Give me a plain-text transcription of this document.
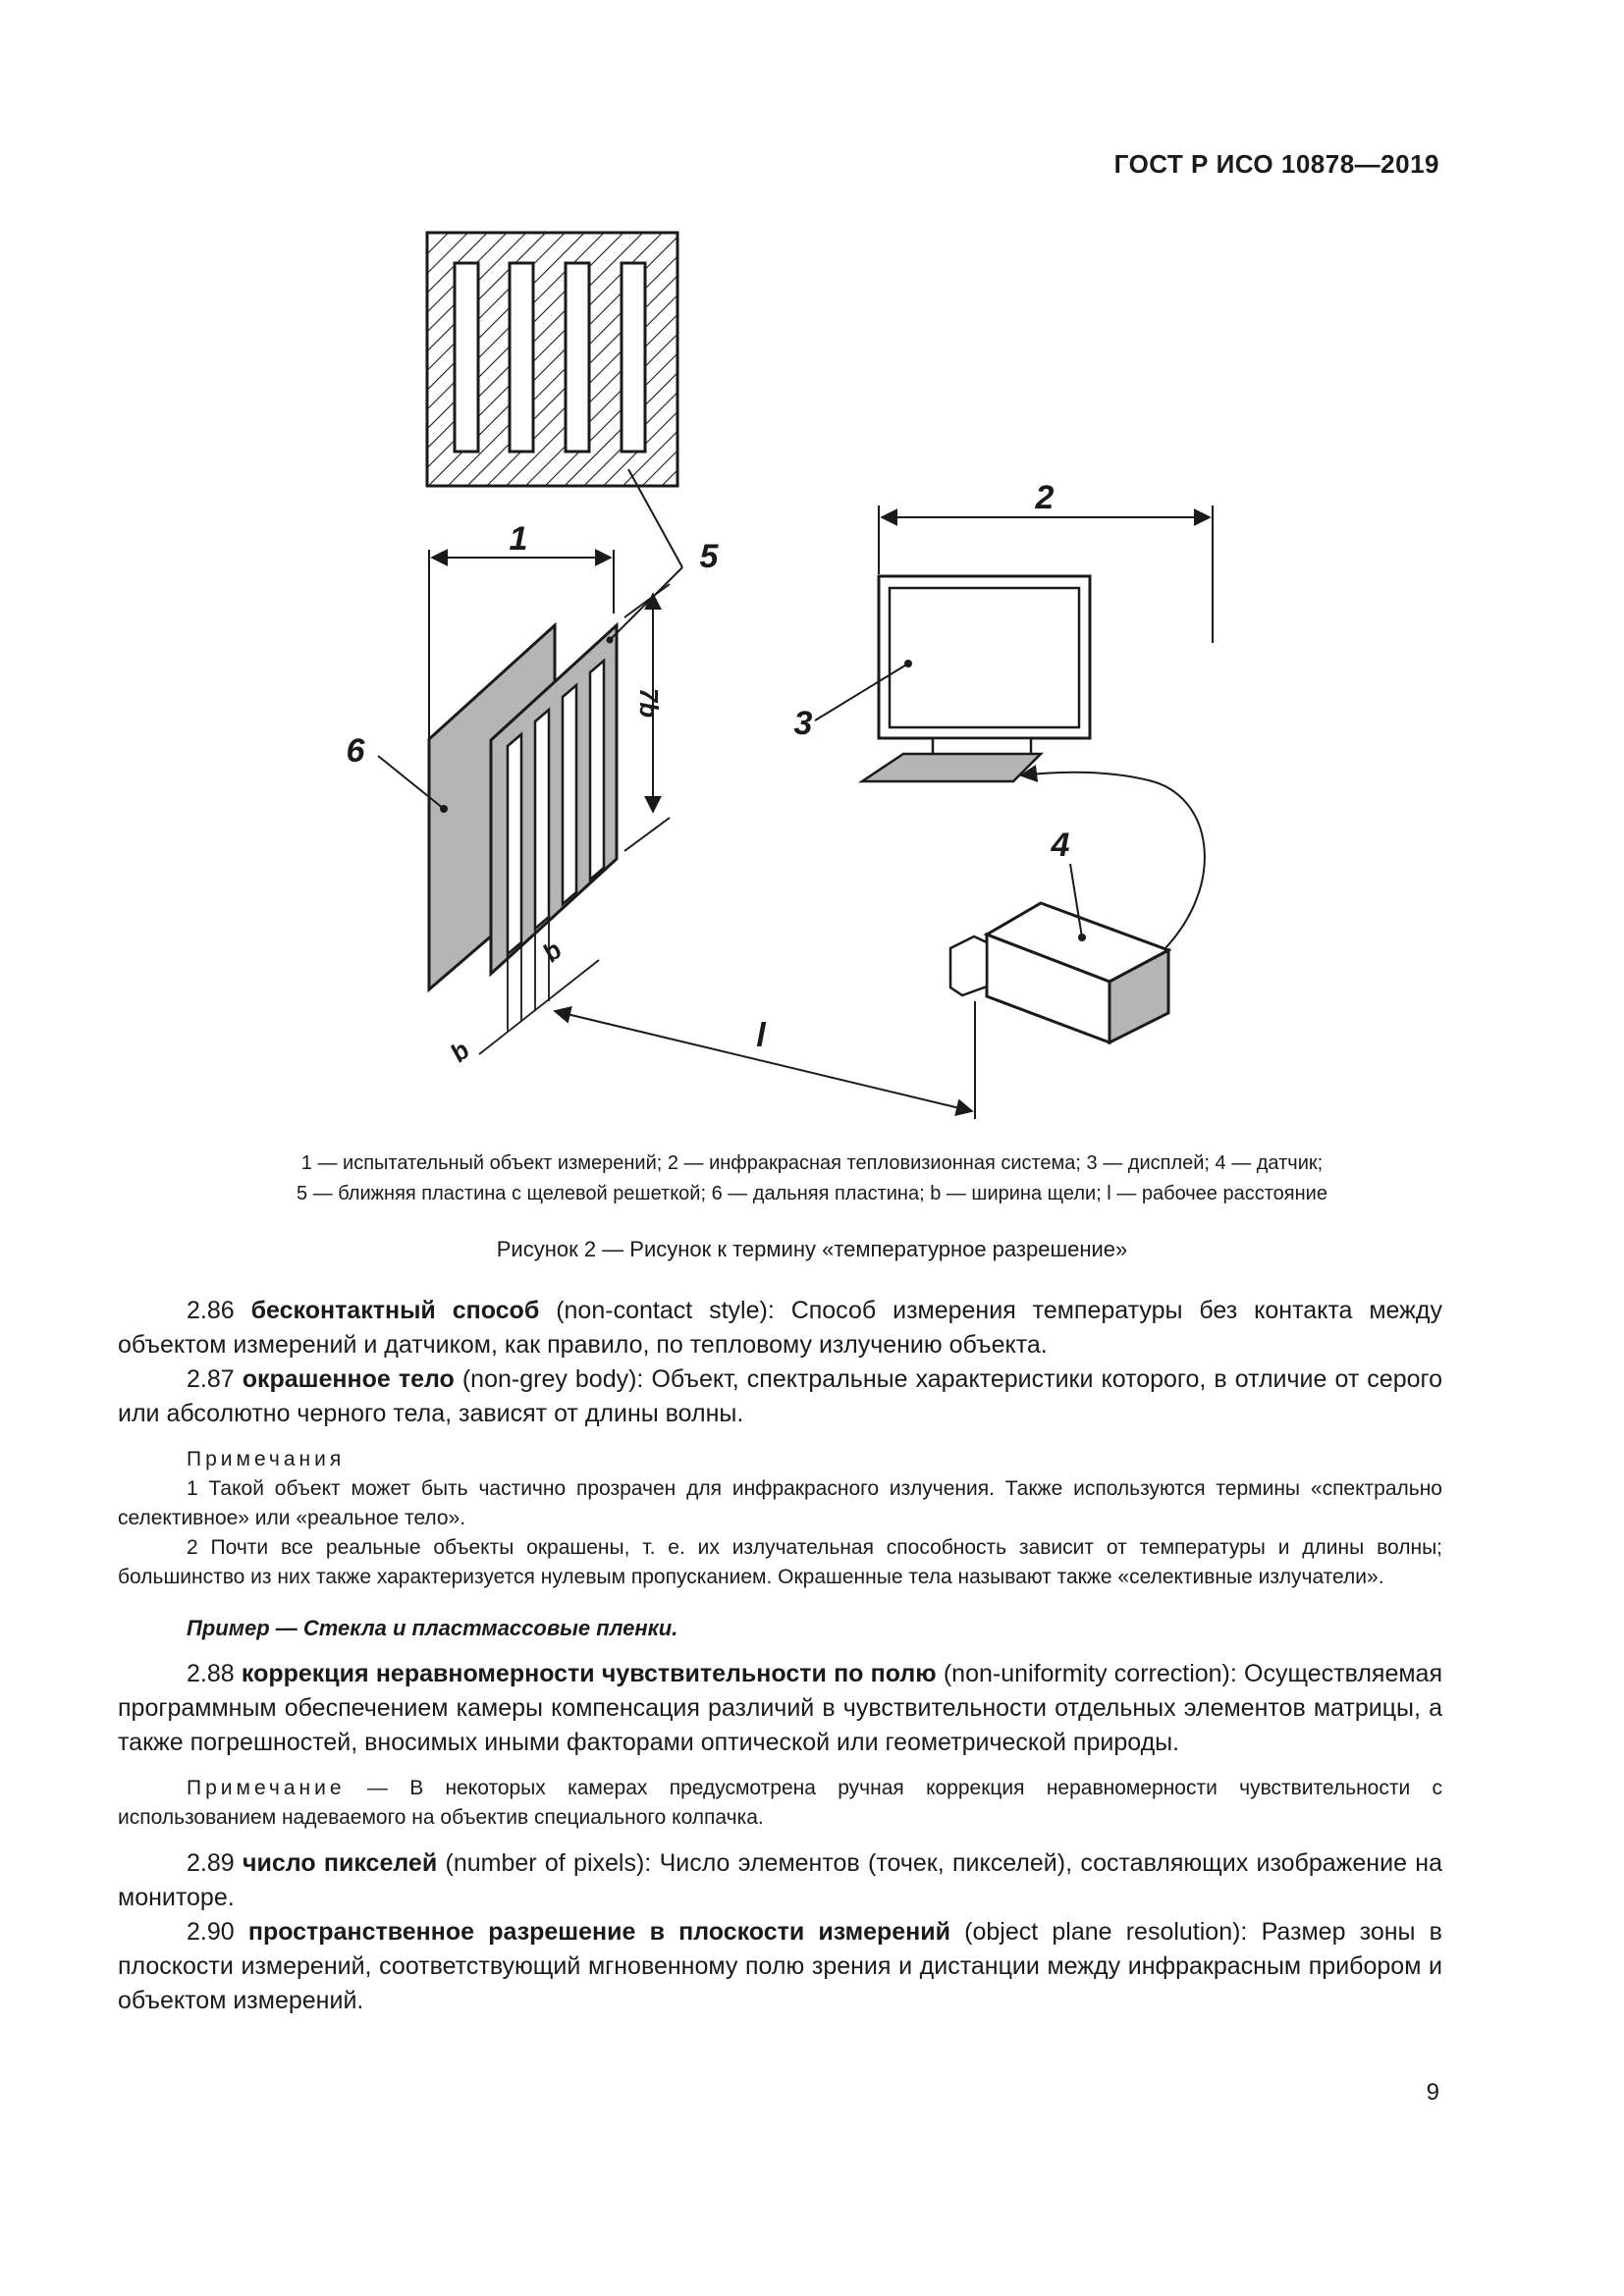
ГОСТ Р ИСО 10878—2019
1
6
5
7b
b
b
l
2
3
4
1 — испытательный объект измерений; 2 — инфракрасная тепловизионная система; 3 — дисплей; 4 — датчик;
5 — ближняя пластина с щелевой решеткой; 6 — дальняя пластина; b — ширина щели; l — рабочее расстояние
Рисунок 2 — Рисунок к термину «температурное разрешение»

2.86 бесконтактный способ (non-contact style): Способ измерения температуры без контакта между объектом измерений и датчиком, как правило, по тепловому излучению объекта.

2.87 окрашенное тело (non-grey body): Объект, спектральные характеристики которого, в отличие от серого или абсолютно черного тела, зависят от длины волны.

Примечания

1 Такой объект может быть частично прозрачен для инфракрасного излучения. Также используются термины «спектрально селективное» или «реальное тело».

2 Почти все реальные объекты окрашены, т. е. их излучательная способность зависит от температуры и длины волны; большинство из них также характеризуется нулевым пропусканием. Окрашенные тела называют также «селективные излучатели».

Пример — Стекла и пластмассовые пленки.

2.88 коррекция неравномерности чувствительности по полю (non-uniformity correction): Осуществляемая программным обеспечением камеры компенсация различий в чувствительности отдельных элементов матрицы, а также погрешностей, вносимых иными факторами оптической или геометрической природы.

Примечание — В некоторых камерах предусмотрена ручная коррекция неравномерности чувствительности с использованием надеваемого на объектив специального колпачка.

2.89 число пикселей (number of pixels): Число элементов (точек, пикселей), составляющих изображение на мониторе.

2.90 пространственное разрешение в плоскости измерений (object plane resolution): Размер зоны в плоскости измерений, соответствующий мгновенному полю зрения и дистанции между инфракрасным прибором и объектом измерений.

9
